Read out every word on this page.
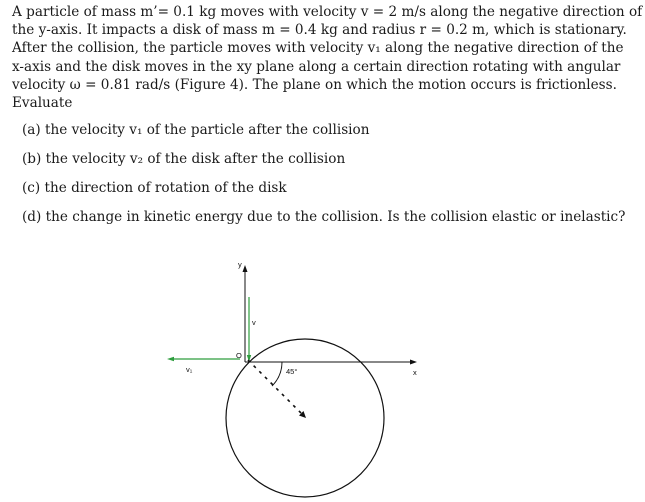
A particle of mass m’= 0.1 kg moves with velocity v = 2 m/s along the negative direction of
the y-axis. It impacts a disk of mass m = 0.4 kg and radius r = 0.2 m, which is stationary.
After the collision, the particle moves with velocity v₁ along the negative direction of the
x-axis and the disk moves in the xy plane along a certain direction rotating with angular
velocity ω = 0.81 rad/s (Figure 4). The plane on which the motion occurs is frictionless.
Evaluate
(a) the velocity v₁ of the particle after the collision
(b) the velocity v₂ of the disk after the collision
(c) the direction of rotation of the disk
(d) the change in kinetic energy due to the collision. Is the collision elastic or inelastic?
y
x
O
v
v₁	45°
